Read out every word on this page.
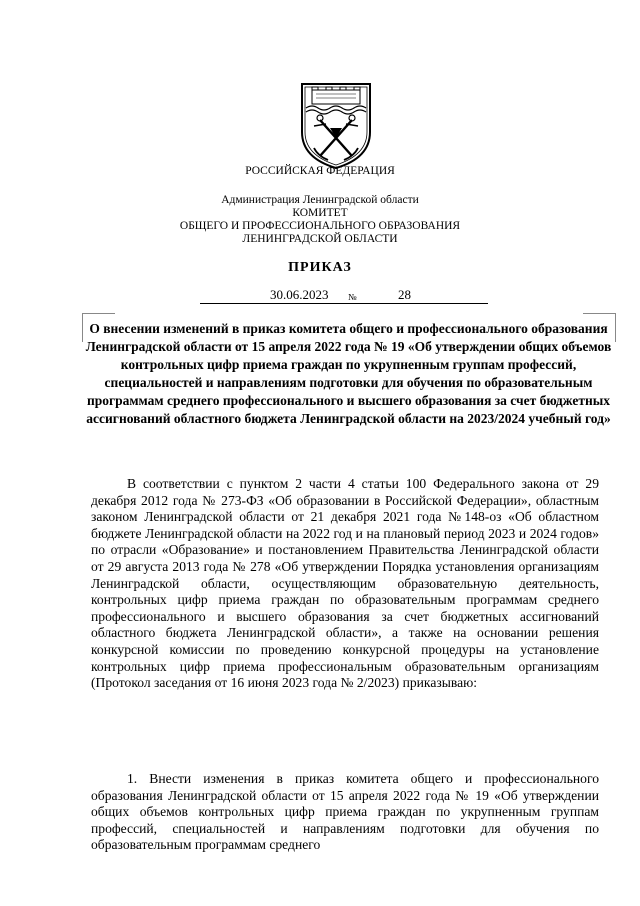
РОССИЙСКАЯ ФЕДЕРАЦИЯ
Администрация Ленинградской области
КОМИТЕТ
ОБЩЕГО И ПРОФЕССИОНАЛЬНОГО ОБРАЗОВАНИЯ
ЛЕНИНГРАДСКОЙ ОБЛАСТИ
ПРИКАЗ
30.06.2023 №	28
О внесении изменений в приказ комитета общего и профессионального образования Ленинградской области от 15 апреля 2022 года № 19 «Об утверждении общих объемов контрольных цифр приема граждан по укрупненным группам профессий, специальностей и направлениям подготовки для обучения по образовательным программам среднего профессионального и высшего образования за счет бюджетных ассигнований областного бюджета Ленинградской области на 2023/2024 учебный год»

В соответствии с пунктом 2 части 4 статьи 100 Федерального закона от 29 декабря 2012 года № 273-ФЗ «Об образовании в Российской Федерации», областным законом Ленинградской области от 21 декабря 2021 года №148-оз «Об областном бюджете Ленинградской области на 2022 год и на плановый период 2023 и 2024 годов» по отрасли «Образование» и постановлением Правительства Ленинградской области от 29 августа 2013 года № 278 «Об утверждении Порядка установления организациям Ленинградской области, осуществляющим образовательную деятельность, контрольных цифр приема граждан по образовательным программам среднего профессионального и высшего образования за счет бюджетных ассигнований областного бюджета Ленинградской области», а также на основании решения конкурсной комиссии по проведению конкурсной процедуры на установление контрольных цифр приема профессиональным образовательным организациям (Протокол заседания от 16 июня 2023 года № 2/2023) приказываю:

1. Внести изменения в приказ комитета общего и профессионального образования Ленинградской области от 15 апреля 2022 года № 19 «Об утверждении общих объемов контрольных цифр приема граждан по укрупненным группам профессий, специальностей и направлениям подготовки для обучения по образовательным программам среднего
